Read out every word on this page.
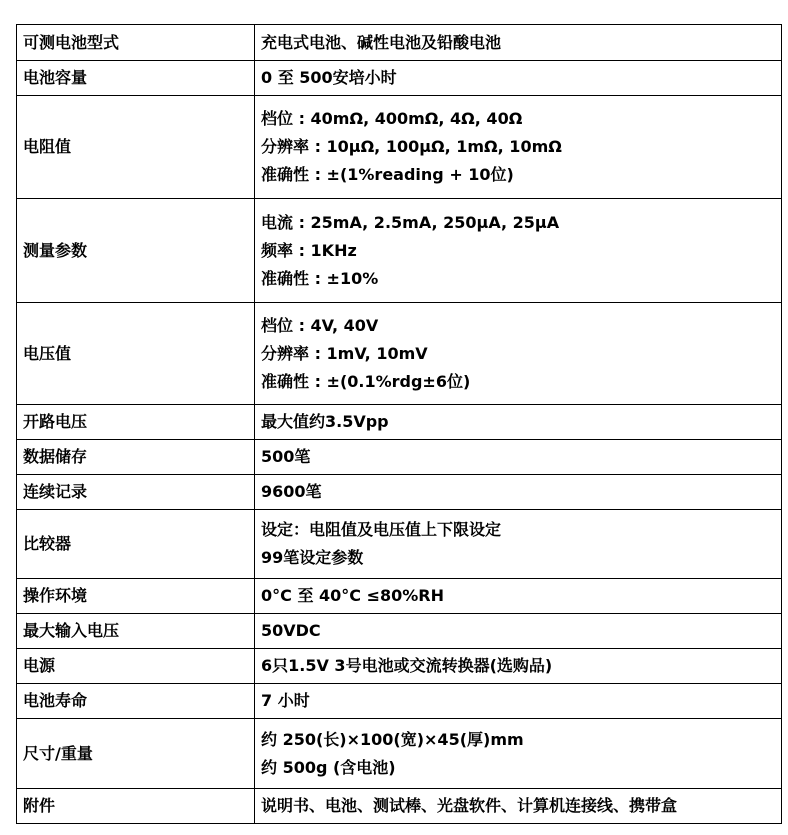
可测电池型式	充电式电池、碱性电池及铅酸电池

电池容量	0 至 500安培小时

电阻值	档位 : 40mΩ, 400mΩ, 4Ω, 40Ω
分辨率 : 10μΩ, 100μΩ, 1mΩ, 10mΩ
准确性 : ±(1%reading + 10位)

测量参数	电流 : 25mA, 2.5mA, 250μA, 25μA
频率 : 1KHz
准确性 : ±10%

电压值	档位 : 4V, 40V
分辨率 : 1mV, 10mV
准确性 : ±(0.1%rdg±6位)

开路电压	最大值约3.5Vpp

数据储存	500笔

连续记录	9600笔

比较器	设定：电阻值及电压值上下限设定
99笔设定参数

操作环境	0°C 至 40°C ≤80%RH

最大输入电压	50VDC

电源	6只1.5V 3号电池或交流转换器(选购品)

电池寿命	7 小时

尺寸/重量	约 250(长)×100(宽)×45(厚)mm
约 500g (含电池)

附件	说明书、电池、测试棒、光盘软件、计算机连接线、携带盒
